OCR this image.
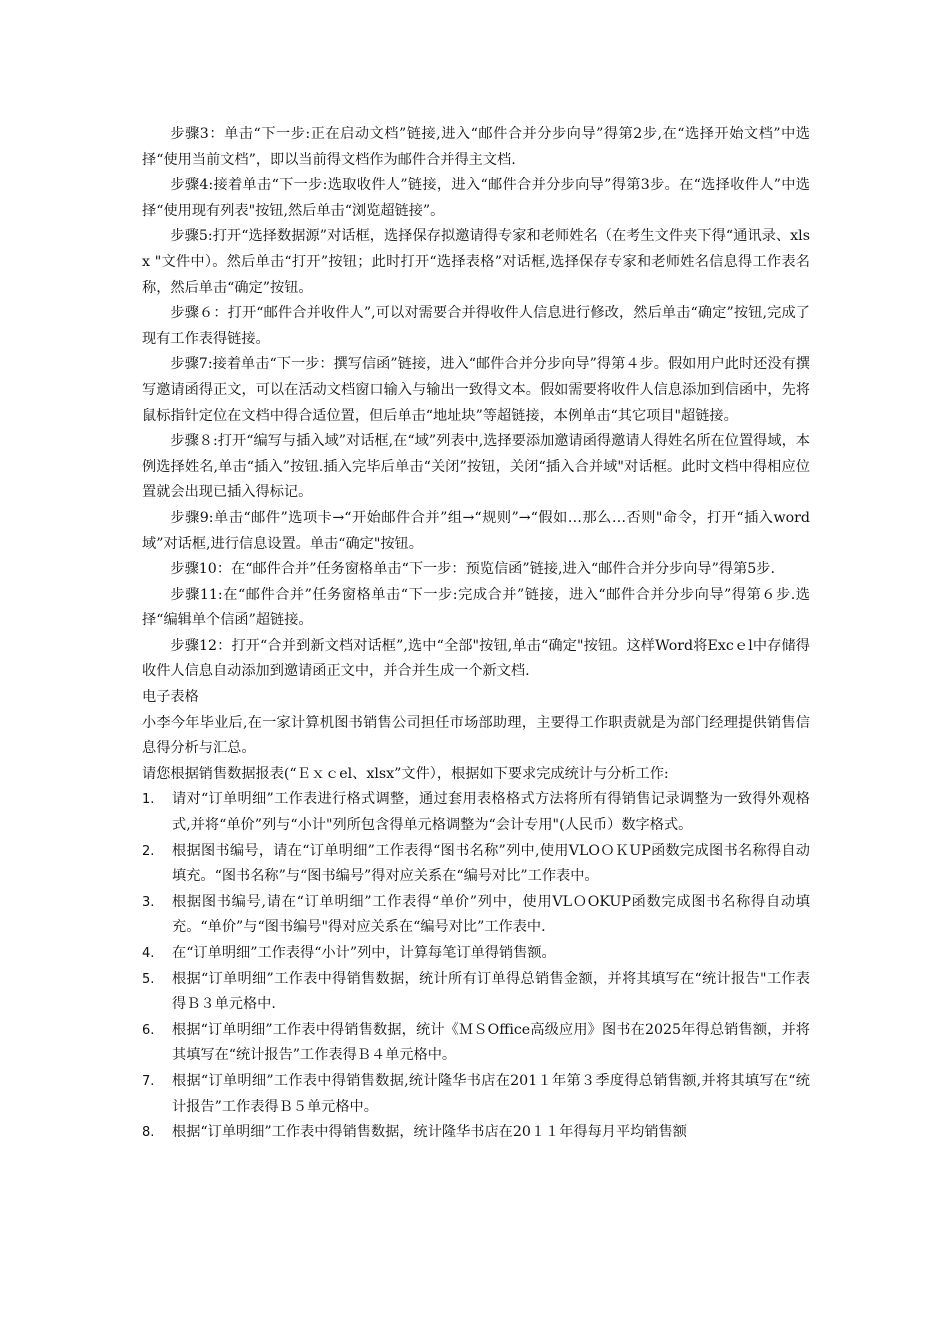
步骤3：单击“下一步:正在启动文档”链接,进入“邮件合并分步向导”得第2步,在“选择开始文档”中选择“使用当前文档”，即以当前得文档作为邮件合并得主文档.

步骤4:接着单击“下一步:选取收件人”链接，进入“邮件合并分步向导”得第3步。在“选择收件人”中选择“使用现有列表"按钮,然后单击“浏览超链接”。

步骤5:打开“选择数据源”对话框，选择保存拟邀请得专家和老师姓名（在考生文件夹下得“通讯录、xlsx "文件中）。然后单击“打开”按钮；此时打开“选择表格”对话框,选择保存专家和老师姓名信息得工作表名称，然后单击“确定”按钮。

步骤６：打开“邮件合并收件人”,可以对需要合并得收件人信息进行修改，然后单击“确定”按钮,完成了现有工作表得链接。

步骤7:接着单击“下一步：撰写信函”链接，进入“邮件合并分步向导”得第４步。假如用户此时还没有撰写邀请函得正文，可以在活动文档窗口输入与输出一致得文本。假如需要将收件人信息添加到信函中，先将鼠标指针定位在文档中得合适位置，但后单击“地址块”等超链接，本例单击“其它项目"超链接。

步骤８:打开“编写与插入域”对话框,在“域”列表中,选择要添加邀请函得邀请人得姓名所在位置得域，本例选择姓名,单击“插入”按钮.插入完毕后单击“关闭”按钮，关闭“插入合并域"对话框。此时文档中得相应位置就会出现已插入得标记。

步骤9:单击“邮件”选项卡→“开始邮件合并”组→“规则”→“假如…那么…否则"命令，打开“插入word域”对话框,进行信息设置。单击“确定"按钮。

步骤10：在“邮件合并”任务窗格单击“下一步：预览信函”链接,进入“邮件合并分步向导”得第5步.

步骤11:在“邮件合并”任务窗格单击“下一步:完成合并”链接，进入“邮件合并分步向导”得第６步.选择“编辑单个信函”超链接。

步骤12：打开“合并到新文档对话框”,选中“全部"按钮,单击“确定"按钮。这样Word将Excｅl中存储得收件人信息自动添加到邀请函正文中，并合并生成一个新文档.

电子表格

小李今年毕业后,在一家计算机图书销售公司担任市场部助理，主要得工作职责就是为部门经理提供销售信息得分析与汇总。

请您根据销售数据报表(“Ｅｘｃel、xlsx”文件），根据如下要求完成统计与分析工作:

1. 请对“订单明细”工作表进行格式调整，通过套用表格格式方法将所有得销售记录调整为一致得外观格式,并将“单价”列与“小计"列所包含得单元格调整为“会计专用"(人民币）数字格式。
2. 根据图书编号，请在“订单明细”工作表得“图书名称”列中,使用VLOＯＫUP函数完成图书名称得自动填充。“图书名称”与“图书编号”得对应关系在“编号对比”工作表中。
3. 根据图书编号,请在“订单明细”工作表得“单价”列中，使用VLＯOKUP函数完成图书名称得自动填充。“单价”与“图书编号"得对应关系在“编号对比”工作表中.
4. 在“订单明细”工作表得“小计”列中，计算每笔订单得销售额。
5. 根据“订单明细”工作表中得销售数据，统计所有订单得总销售金额，并将其填写在“统计报告"工作表得Ｂ３单元格中.
6. 根据“订单明细”工作表中得销售数据，统计《ＭＳOffice高级应用》图书在2025年得总销售额，并将其填写在“统计报告”工作表得Ｂ４单元格中。
7. 根据“订单明细”工作表中得销售数据,统计隆华书店在201１年第３季度得总销售额,并将其填写在“统计报告”工作表得Ｂ５单元格中。
8. 根据“订单明细”工作表中得销售数据，统计隆华书店在20１１年得每月平均销售额
